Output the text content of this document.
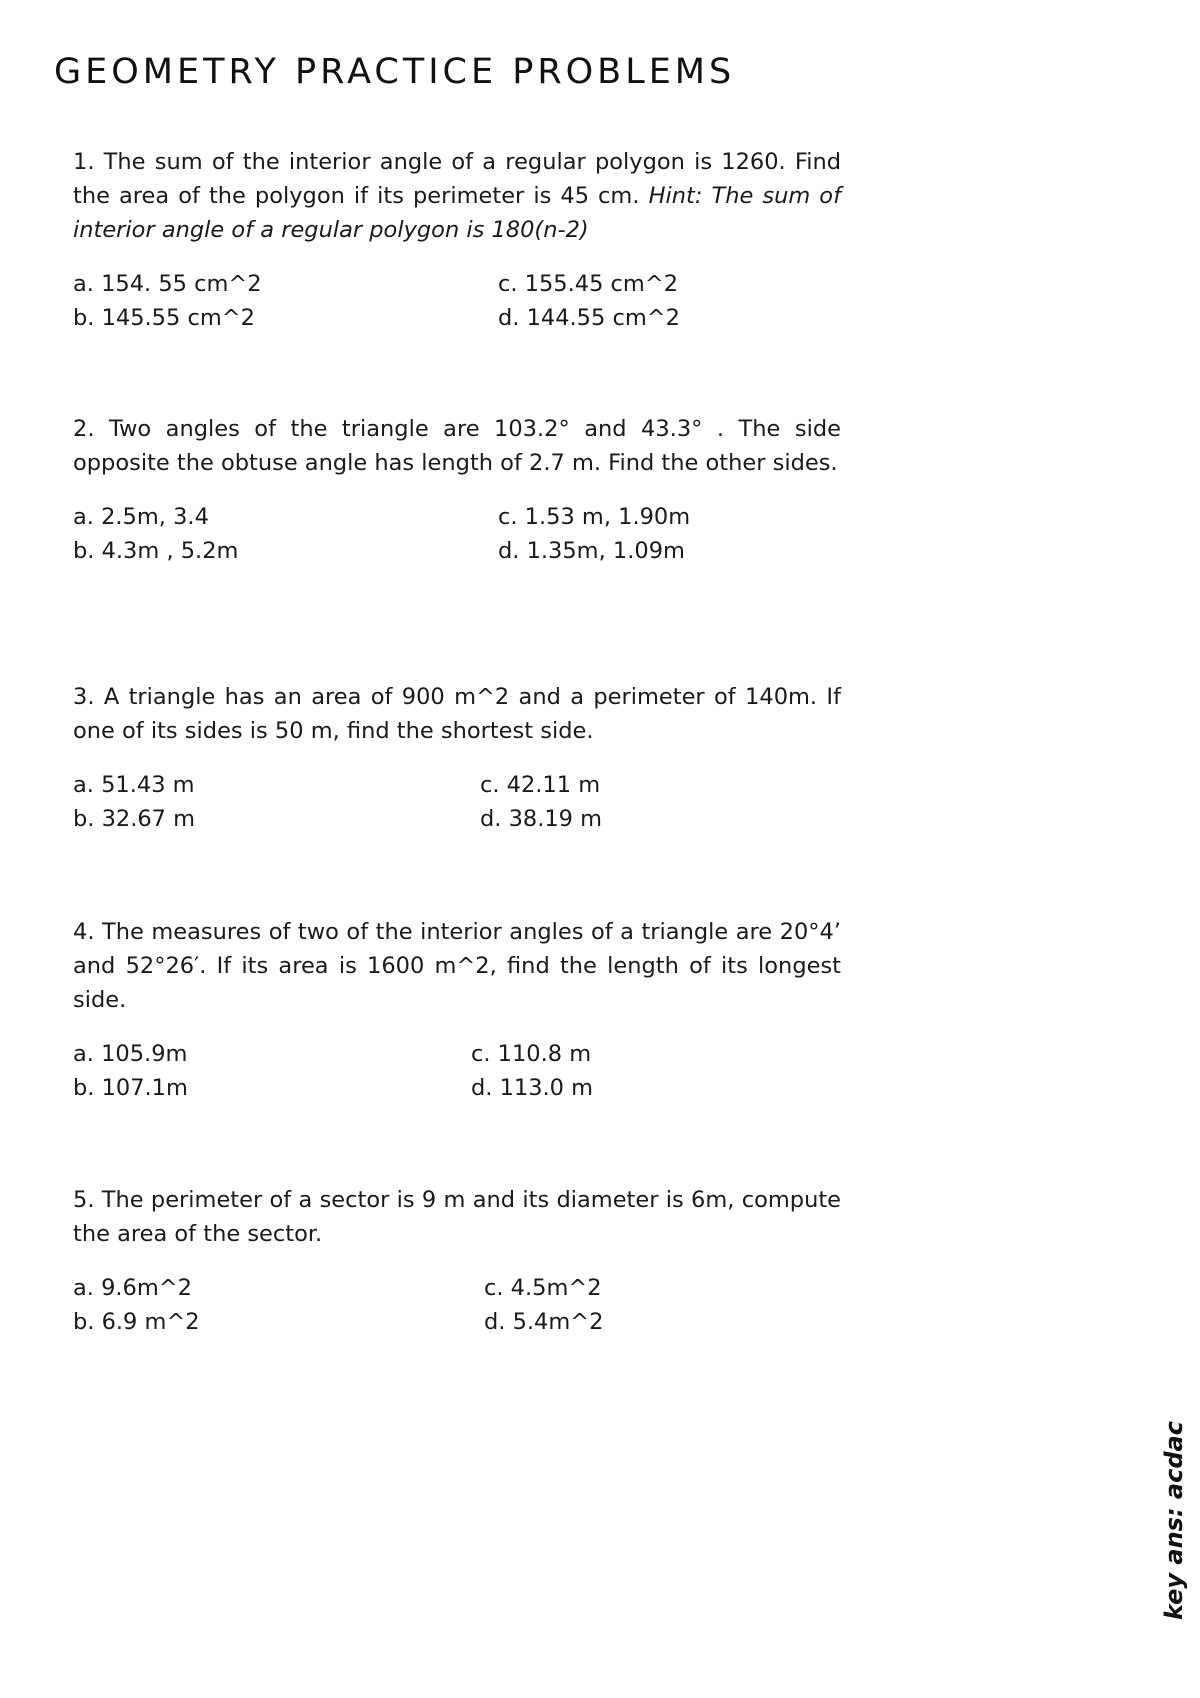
GEOMETRY PRACTICE PROBLEMS

1. The sum of the interior angle of a regular polygon is 1260. Find the area of the polygon if its perimeter is 45 cm. Hint: The sum of interior angle of a regular polygon is 180(n-2)

a. 154. 55 cm^2
b. 145.55 cm^2
c. 155.45 cm^2
d. 144.55 cm^2

2. Two angles of the triangle are 103.2° and 43.3° . The side opposite the obtuse angle has length of 2.7 m. Find the other sides.

a. 2.5m, 3.4
b. 4.3m , 5.2m
c. 1.53 m, 1.90m
d. 1.35m, 1.09m

3. A triangle has an area of 900 m^2 and a perimeter of 140m. If one of its sides is 50 m, find the shortest side.

a. 51.43 m
b. 32.67 m
c. 42.11 m
d. 38.19 m

4. The measures of two of the interior angles of a triangle are 20°4’ and 52°26′. If its area is 1600 m^2, find the length of its longest side.

a. 105.9m
b. 107.1m
c. 110.8 m
d. 113.0 m

5. The perimeter of a sector is 9 m and its diameter is 6m, compute the area of the sector.

a. 9.6m^2
b. 6.9 m^2
c. 4.5m^2
d. 5.4m^2

key ans: acdac
